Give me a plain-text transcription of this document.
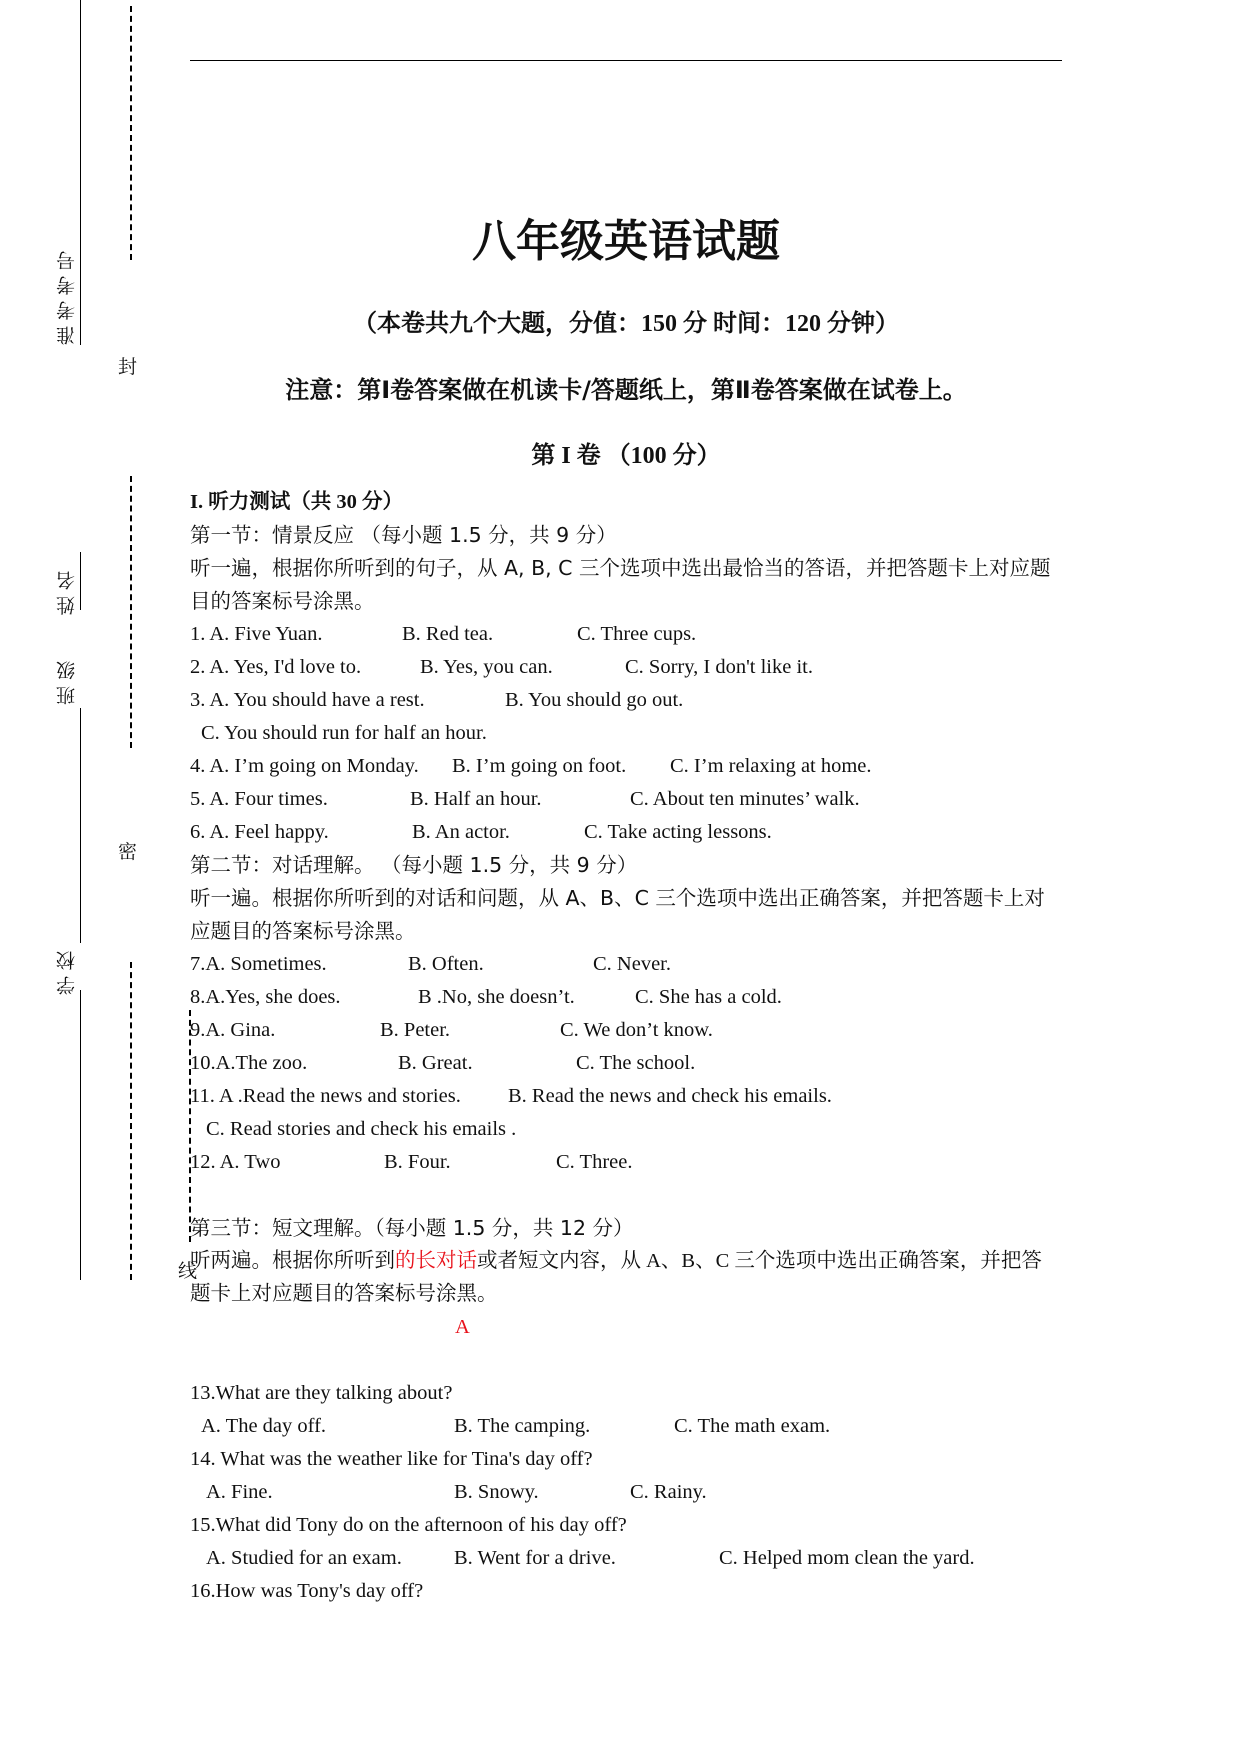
准考考号
姓名
班级
学校
封
密
线
八年级英语试题
（本卷共九个大题，分值：150 分 时间：120 分钟）
注意：第Ⅰ卷答案做在机读卡/答题纸上，第Ⅱ卷答案做在试卷上。
第 I 卷 （100 分）
I. 听力测试（共 30 分）
第一节：情景反应 （每小题 1.5 分，共 9 分）
听一遍，根据你所听到的句子，从 A, B, C 三个选项中选出最恰当的答语，并把答题卡上对应题目的答案标号涂黑。
1. A. Five Yuan.	B. Red tea.	C. Three cups.
2. A. Yes, I'd love to.	B. Yes, you can.	C. Sorry, I don't like it.
3. A. You should have a rest.	B. You should go out.
C. You should run for half an hour.
4. A. I’m going on Monday. B. I’m going on foot. C. I’m relaxing at home.
5. A. Four times.	B. Half an hour.	C. About ten minutes’ walk.
6. A. Feel happy.	B. An actor.	C. Take acting lessons.
第二节：对话理解。 （每小题 1.5 分，共 9 分）
听一遍。根据你所听到的对话和问题，从 A、B、C 三个选项中选出正确答案，并把答题卡上对应题目的答案标号涂黑。
7.A. Sometimes.	B. Often.	C. Never.
8.A.Yes, she does.	B .No, she doesn’t.	C. She has a cold.
9.A. Gina.	B. Peter.	C. We don’t know.
10.A.The zoo.	B. Great.	C. The school.
11. A .Read the news and stories. B. Read the news and check his emails.
C. Read stories and check his emails .
12. A. Two	B. Four.	C. Three.
第三节：短文理解。（每小题 1.5 分，共 12 分）
听两遍。根据你所听到的长对话或者短文内容，从 A、B、C 三个选项中选出正确答案，并把答题卡上对应题目的答案标号涂黑。
A
13.What are they talking about?
A. The day off.	B. The camping.	C. The math exam.
14. What was the weather like for Tina's day off?
A. Fine.	B. Snowy.	C. Rainy.
15.What did Tony do on the afternoon of his day off?
A. Studied for an exam.	B. Went for a drive.	C. Helped mom clean the yard.
16.How was Tony's day off?
